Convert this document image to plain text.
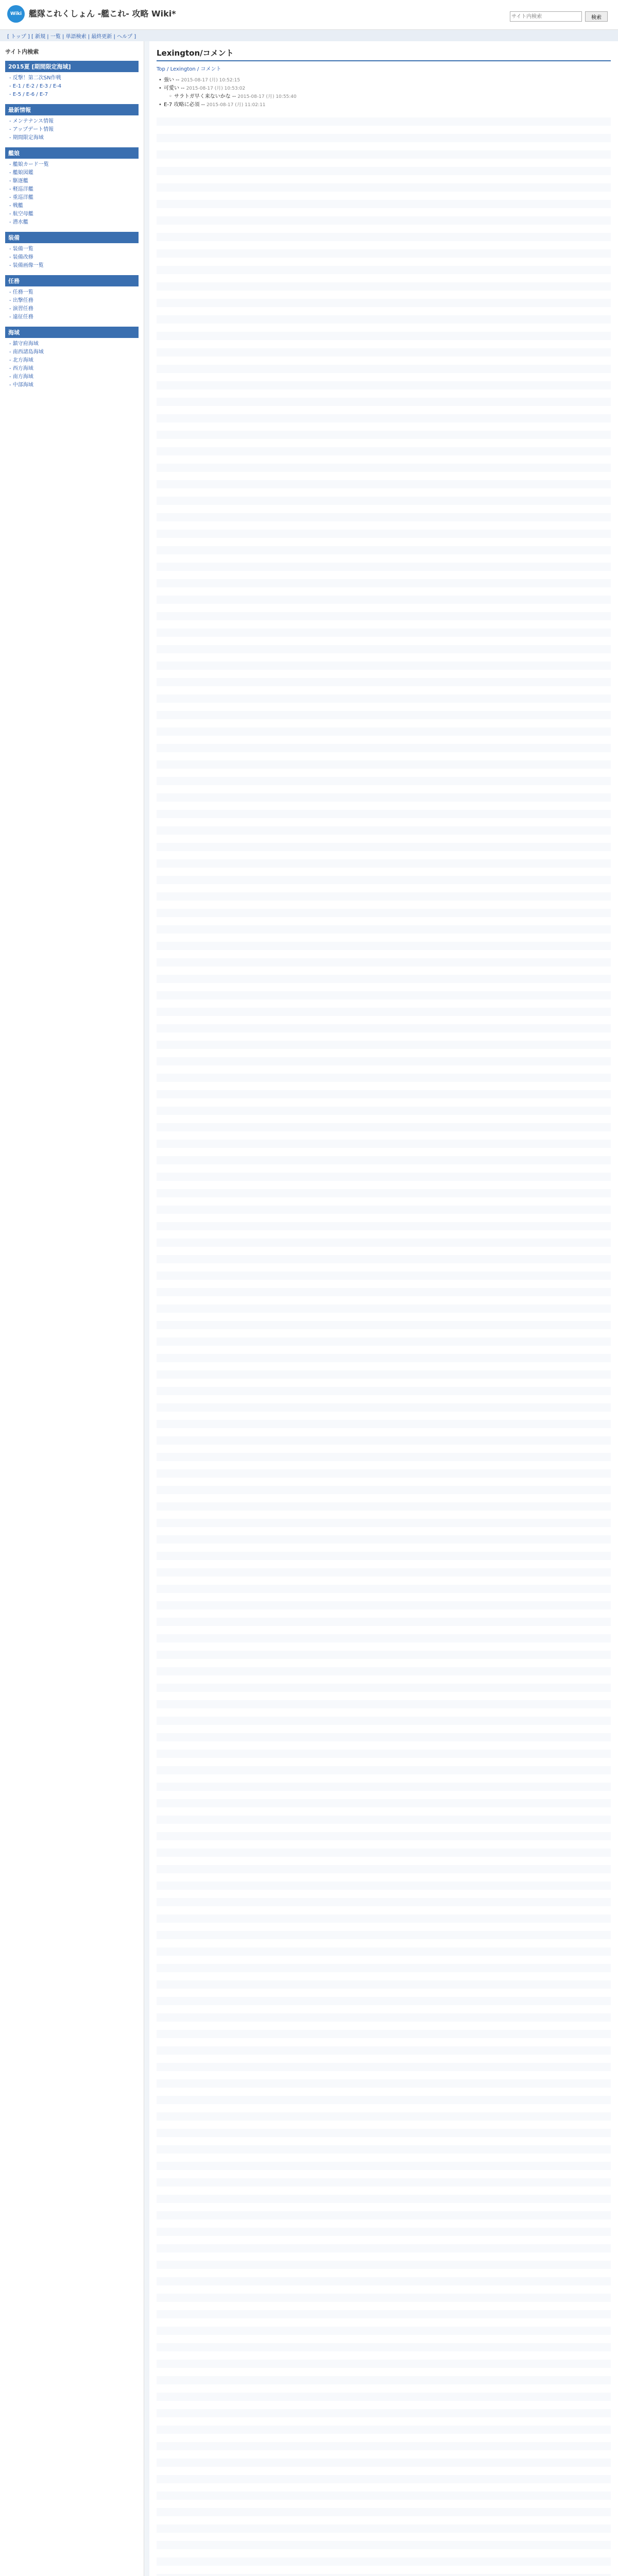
Wiki 艦隊これくしょん -艦これ- 攻略 Wiki*
サイト内検索	検索
[ トップ ] [ 新規 | 一覧 | 単語検索 | 最終更新 | ヘルプ ]
サイト内検索
2015夏 [期間限定海域]
- 反撃！第二次SN作戦
- E-1 / E-2 / E-3 / E-4
- E-5 / E-6 / E-7
最新情報
- メンテナンス情報
- アップデート情報
- 期間限定海域
艦娘
- 艦娘カード一覧
- 艦娘図鑑
- 駆逐艦
- 軽巡洋艦
- 重巡洋艦
- 戦艦
- 航空母艦
- 潜水艦
装備
- 装備一覧
- 装備改修
- 装備画像一覧
任務
- 任務一覧
- 出撃任務
- 演習任務
- 遠征任務
海域
- 鎮守府海域
- 南西諸島海域
- 北方海域
- 西方海域
- 南方海域
- 中部海域
Lexington/コメント
Top / Lexington / コメント
• 強い -- 2015-08-17 (月) 10:52:15
• 可愛い -- 2015-08-17 (月) 10:53:02
◦ サラトガ早く来ないかな -- 2015-08-17 (月) 10:55:40
• E-7 攻略に必須 -- 2015-08-17 (月) 11:02:11
